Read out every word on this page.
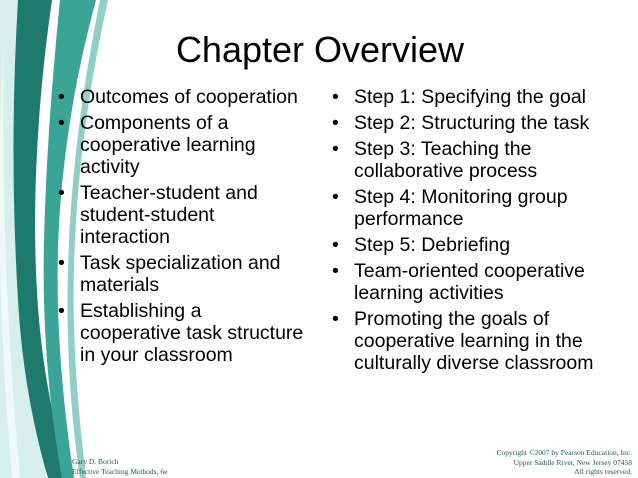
Chapter Overview
• Outcomes of cooperation
• Components of a cooperative learning activity
• Teacher-student and student-student interaction
• Task specialization and materials
• Establishing a cooperative task structure in your classroom
• Step 1: Specifying the goal
• Step 2: Structuring the task
• Step 3: Teaching the collaborative process
• Step 4: Monitoring group performance
• Step 5: Debriefing
• Team-oriented cooperative learning activities
• Promoting the goals of cooperative learning in the culturally diverse classroom
Gary D. Borich
Effective Teaching Methods, 6e
Copyright ©2007 by Pearson Education, Inc.
Upper Saddle River, New Jersey 07458
All rights reserved.
